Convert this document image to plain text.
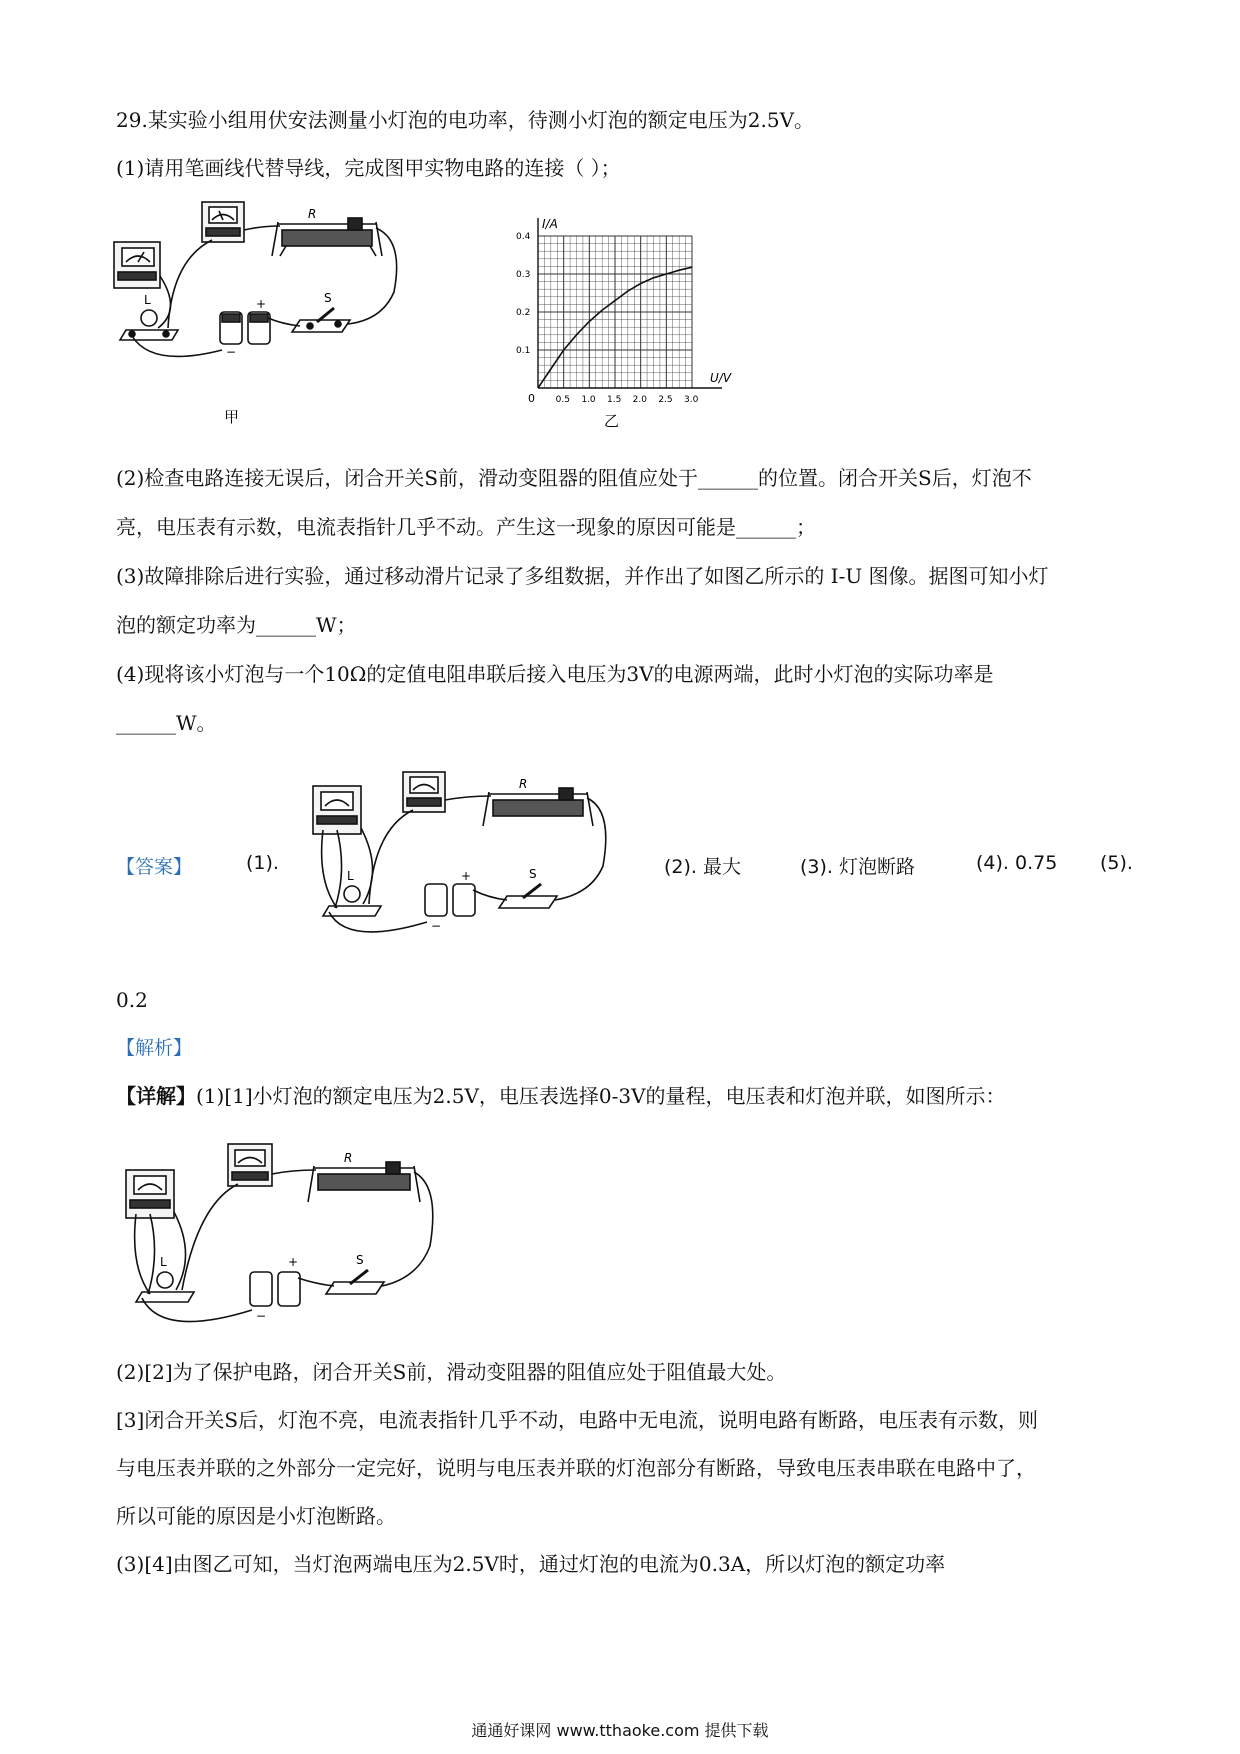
29.某实验小组用伏安法测量小灯泡的电功率，待测小灯泡的额定电压为2.5V。
(1)请用笔画线代替导线，完成图甲实物电路的连接（ ）；
R
L	S
+
−
甲
0.5 1.0 1.5 2.0 2.5 3.0
0.1
0.2
0.3
0.4
I/A
U/V
0
乙
(2)检查电路连接无误后，闭合开关S前，滑动变阻器的阻值应处于______的位置。闭合开关S后，灯泡不
亮，电压表有示数，电流表指针几乎不动。产生这一现象的原因可能是______；
(3)故障排除后进行实验，通过移动滑片记录了多组数据，并作出了如图乙所示的 I-U 图像。据图可知小灯
泡的额定功率为______W；
(4)现将该小灯泡与一个10Ω的定值电阻串联后接入电压为3V的电源两端，此时小灯泡的实际功率是
______W。
【答案】	(1).
R
L	S
+
−
(2). 最大	(3). 灯泡断路	(4). 0.75 (5).
0.2
【解析】
【详解】(1)[1]小灯泡的额定电压为2.5V，电压表选择0-3V的量程，电压表和灯泡并联，如图所示：
R
L	S
+
−
(2)[2]为了保护电路，闭合开关S前，滑动变阻器的阻值应处于阻值最大处。
[3]闭合开关S后，灯泡不亮，电流表指针几乎不动，电路中无电流，说明电路有断路，电压表有示数，则
与电压表并联的之外部分一定完好，说明与电压表并联的灯泡部分有断路，导致电压表串联在电路中了，
所以可能的原因是小灯泡断路。
(3)[4]由图乙可知，当灯泡两端电压为2.5V时，通过灯泡的电流为0.3A，所以灯泡的额定功率
通通好课网 www.tthaoke.com 提供下载
